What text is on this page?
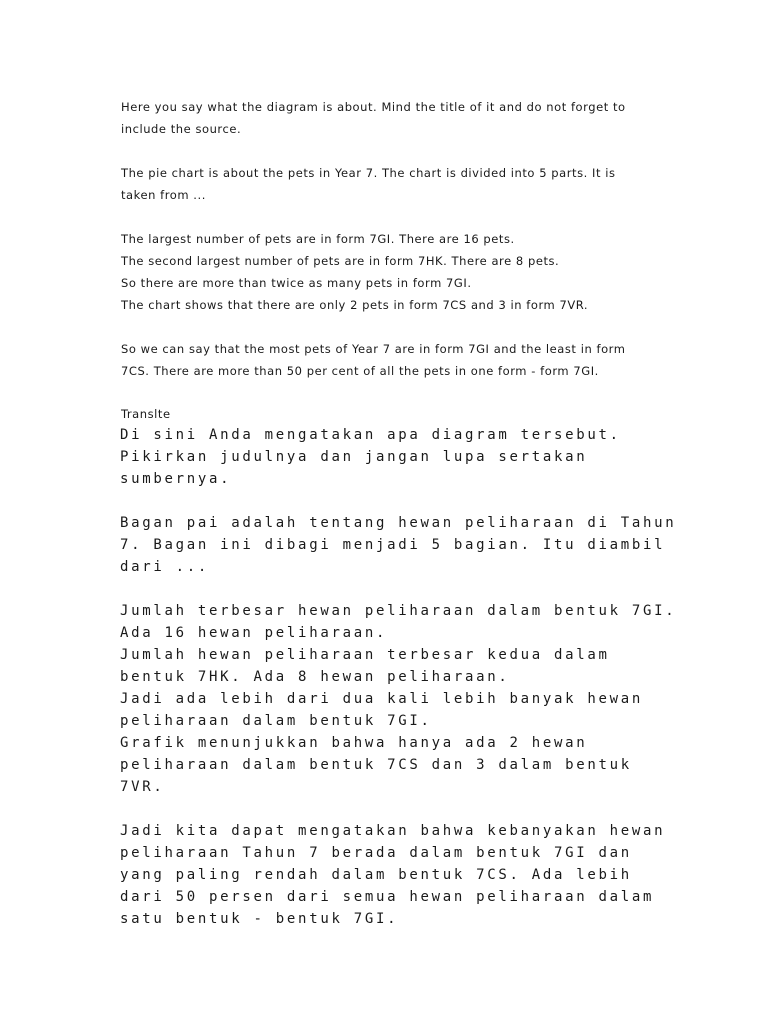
Here you say what the diagram is about. Mind the title of it and do not forget to

include the source.

The pie chart is about the pets in Year 7. The chart is divided into 5 parts. It is

taken from ...

The largest number of pets are in form 7GI. There are 16 pets.

The second largest number of pets are in form 7HK. There are 8 pets.

So there are more than twice as many pets in form 7GI.

The chart shows that there are only 2 pets in form 7CS and 3 in form 7VR.

So we can say that the most pets of Year 7 are in form 7GI and the least in form

7CS. There are more than 50 per cent of all the pets in one form - form 7GI.

Translte

Di sini Anda mengatakan apa diagram tersebut.

Pikirkan judulnya dan jangan lupa sertakan

sumbernya.

Bagan pai adalah tentang hewan peliharaan di Tahun

7. Bagan ini dibagi menjadi 5 bagian. Itu diambil

dari ...

Jumlah terbesar hewan peliharaan dalam bentuk 7GI.

Ada 16 hewan peliharaan.

Jumlah hewan peliharaan terbesar kedua dalam

bentuk 7HK. Ada 8 hewan peliharaan.

Jadi ada lebih dari dua kali lebih banyak hewan

peliharaan dalam bentuk 7GI.

Grafik menunjukkan bahwa hanya ada 2 hewan

peliharaan dalam bentuk 7CS dan 3 dalam bentuk

7VR.

Jadi kita dapat mengatakan bahwa kebanyakan hewan

peliharaan Tahun 7 berada dalam bentuk 7GI dan

yang paling rendah dalam bentuk 7CS. Ada lebih

dari 50 persen dari semua hewan peliharaan dalam

satu bentuk - bentuk 7GI.
